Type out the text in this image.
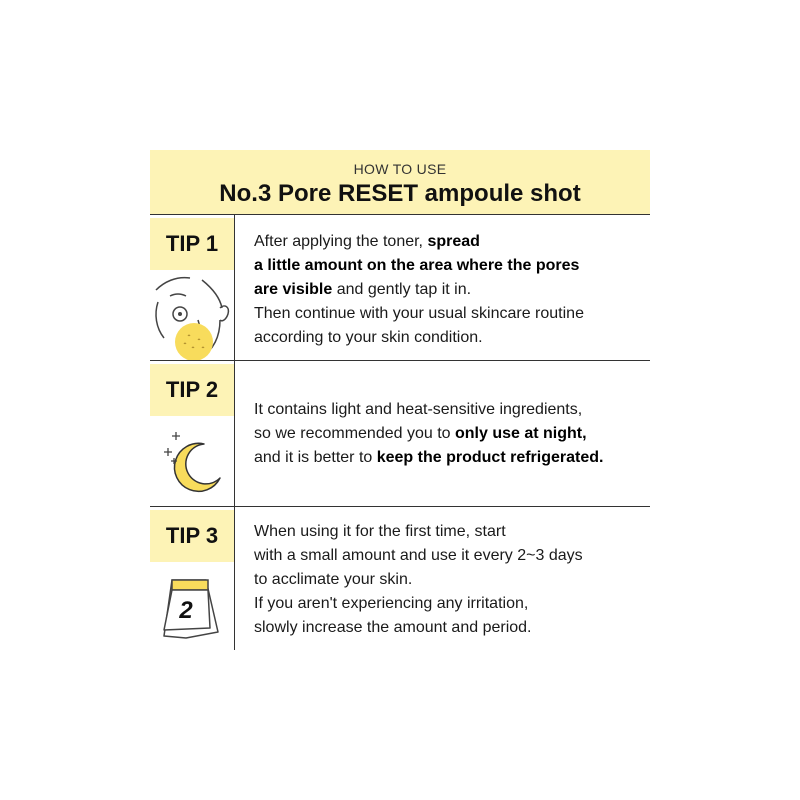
HOW TO USE
No.3 Pore RESET ampoule shot
TIP 1	After applying the toner, spread
a little amount on the area where the pores
are visible and gently tap it in.
Then continue with your usual skincare routine
according to your skin condition.
TIP 2
It contains light and heat-sensitive ingredients,
so we recommended you to only use at night,
and it is better to keep the product refrigerated.
TIP 3
2
When using it for the first time, start
with a small amount and use it every 2~3 days
to acclimate your skin.
If you aren't experiencing any irritation,
slowly increase the amount and period.
